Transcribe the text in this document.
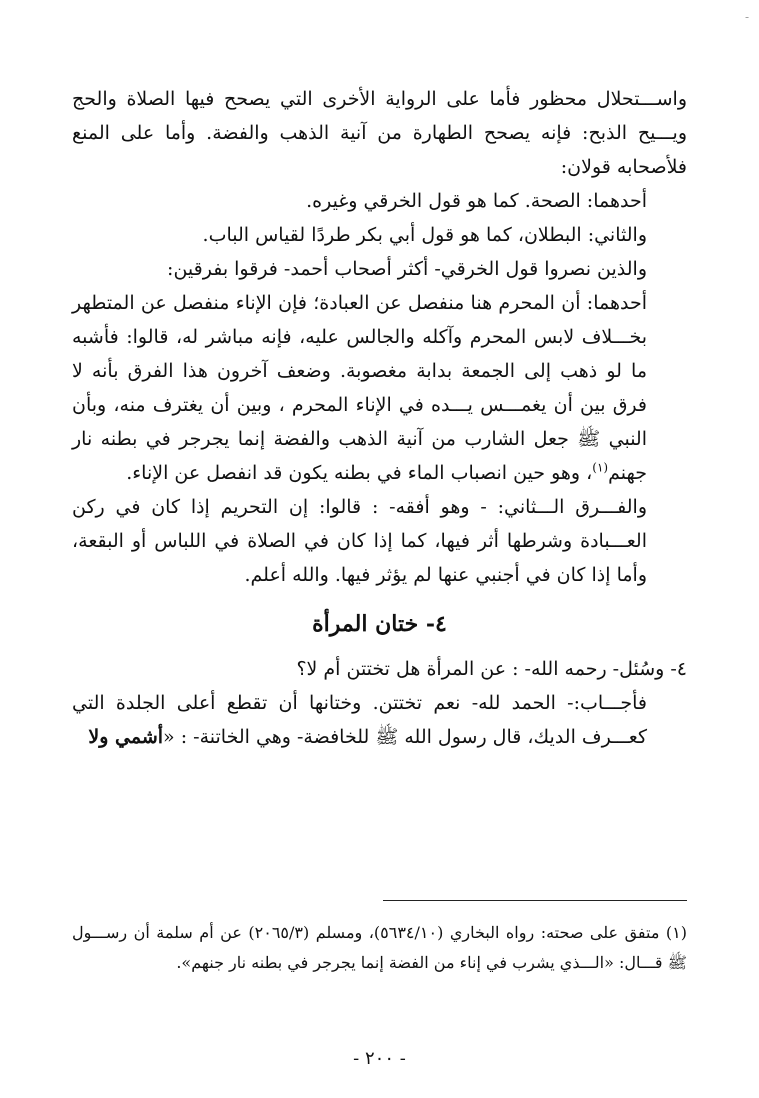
-

واســـتحلال محظور فأما على الرواية الأخرى التي يصحح فيها الصلاة والحج ويـــيح الذبح: فإنه يصحح الطهارة من آنية الذهب والفضة. وأما على المنع فلأصحابه قولان:

أحدهما: الصحة. كما هو قول الخرقي وغيره.

والثاني: البطلان، كما هو قول أبي بكر طردًا لقياس الباب.

والذين نصروا قول الخرقي- أكثر أصحاب أحمد- فرقوا بفرقين:

أحدهما: أن المحرم هنا منفصل عن العبادة؛ فإن الإناء منفصل عن المتطهر بخـــلاف لابس المحرم وآكله والجالس عليه، فإنه مباشر له، قالوا: فأشبه ما لو ذهب إلى الجمعة بدابة مغصوبة. وضعف آخرون هذا الفرق بأنه لا فرق بين أن يغمـــس يـــده في الإناء المحرم ، وبين أن يغترف منه، وبأن النبي ﷺ جعل الشارب من آنية الذهب والفضة إنما يجرجر في بطنه نار جهنم$^{(١)}$، وهو حين انصباب الماء في بطنه يكون قد انفصل عن الإناء.

والفـــرق الـــثاني: - وهو أفقه- : قالوا: إن التحريم إذا كان في ركن العـــبادة وشرطها أثر فيها، كما إذا كان في الصلاة في اللباس أو البقعة، وأما إذا كان في أجنبي عنها لم يؤثر فيها. والله أعلم.

٤- ختان المرأة

٤- وسُئل- رحمه الله- : عن المرأة هل تختتن أم لا؟

فأجـــاب:- الحمد لله- نعم تختتن. وختانها أن تقطع أعلى الجلدة التي كعـــرف الديك، قال رسول الله ﷺ للخافضة- وهي الخاتنة- : «أشمي ولا

(١) متفق على صحته: رواه البخاري (٥٦٣٤/١٠)، ومسلم (٢٠٦٥/٣) عن أم سلمة أن رســـول ﷺ قـــال: «الـــذي يشرب في إناء من الفضة إنما يجرجر في بطنه نار جنهم».

- ٢٠٠ -
